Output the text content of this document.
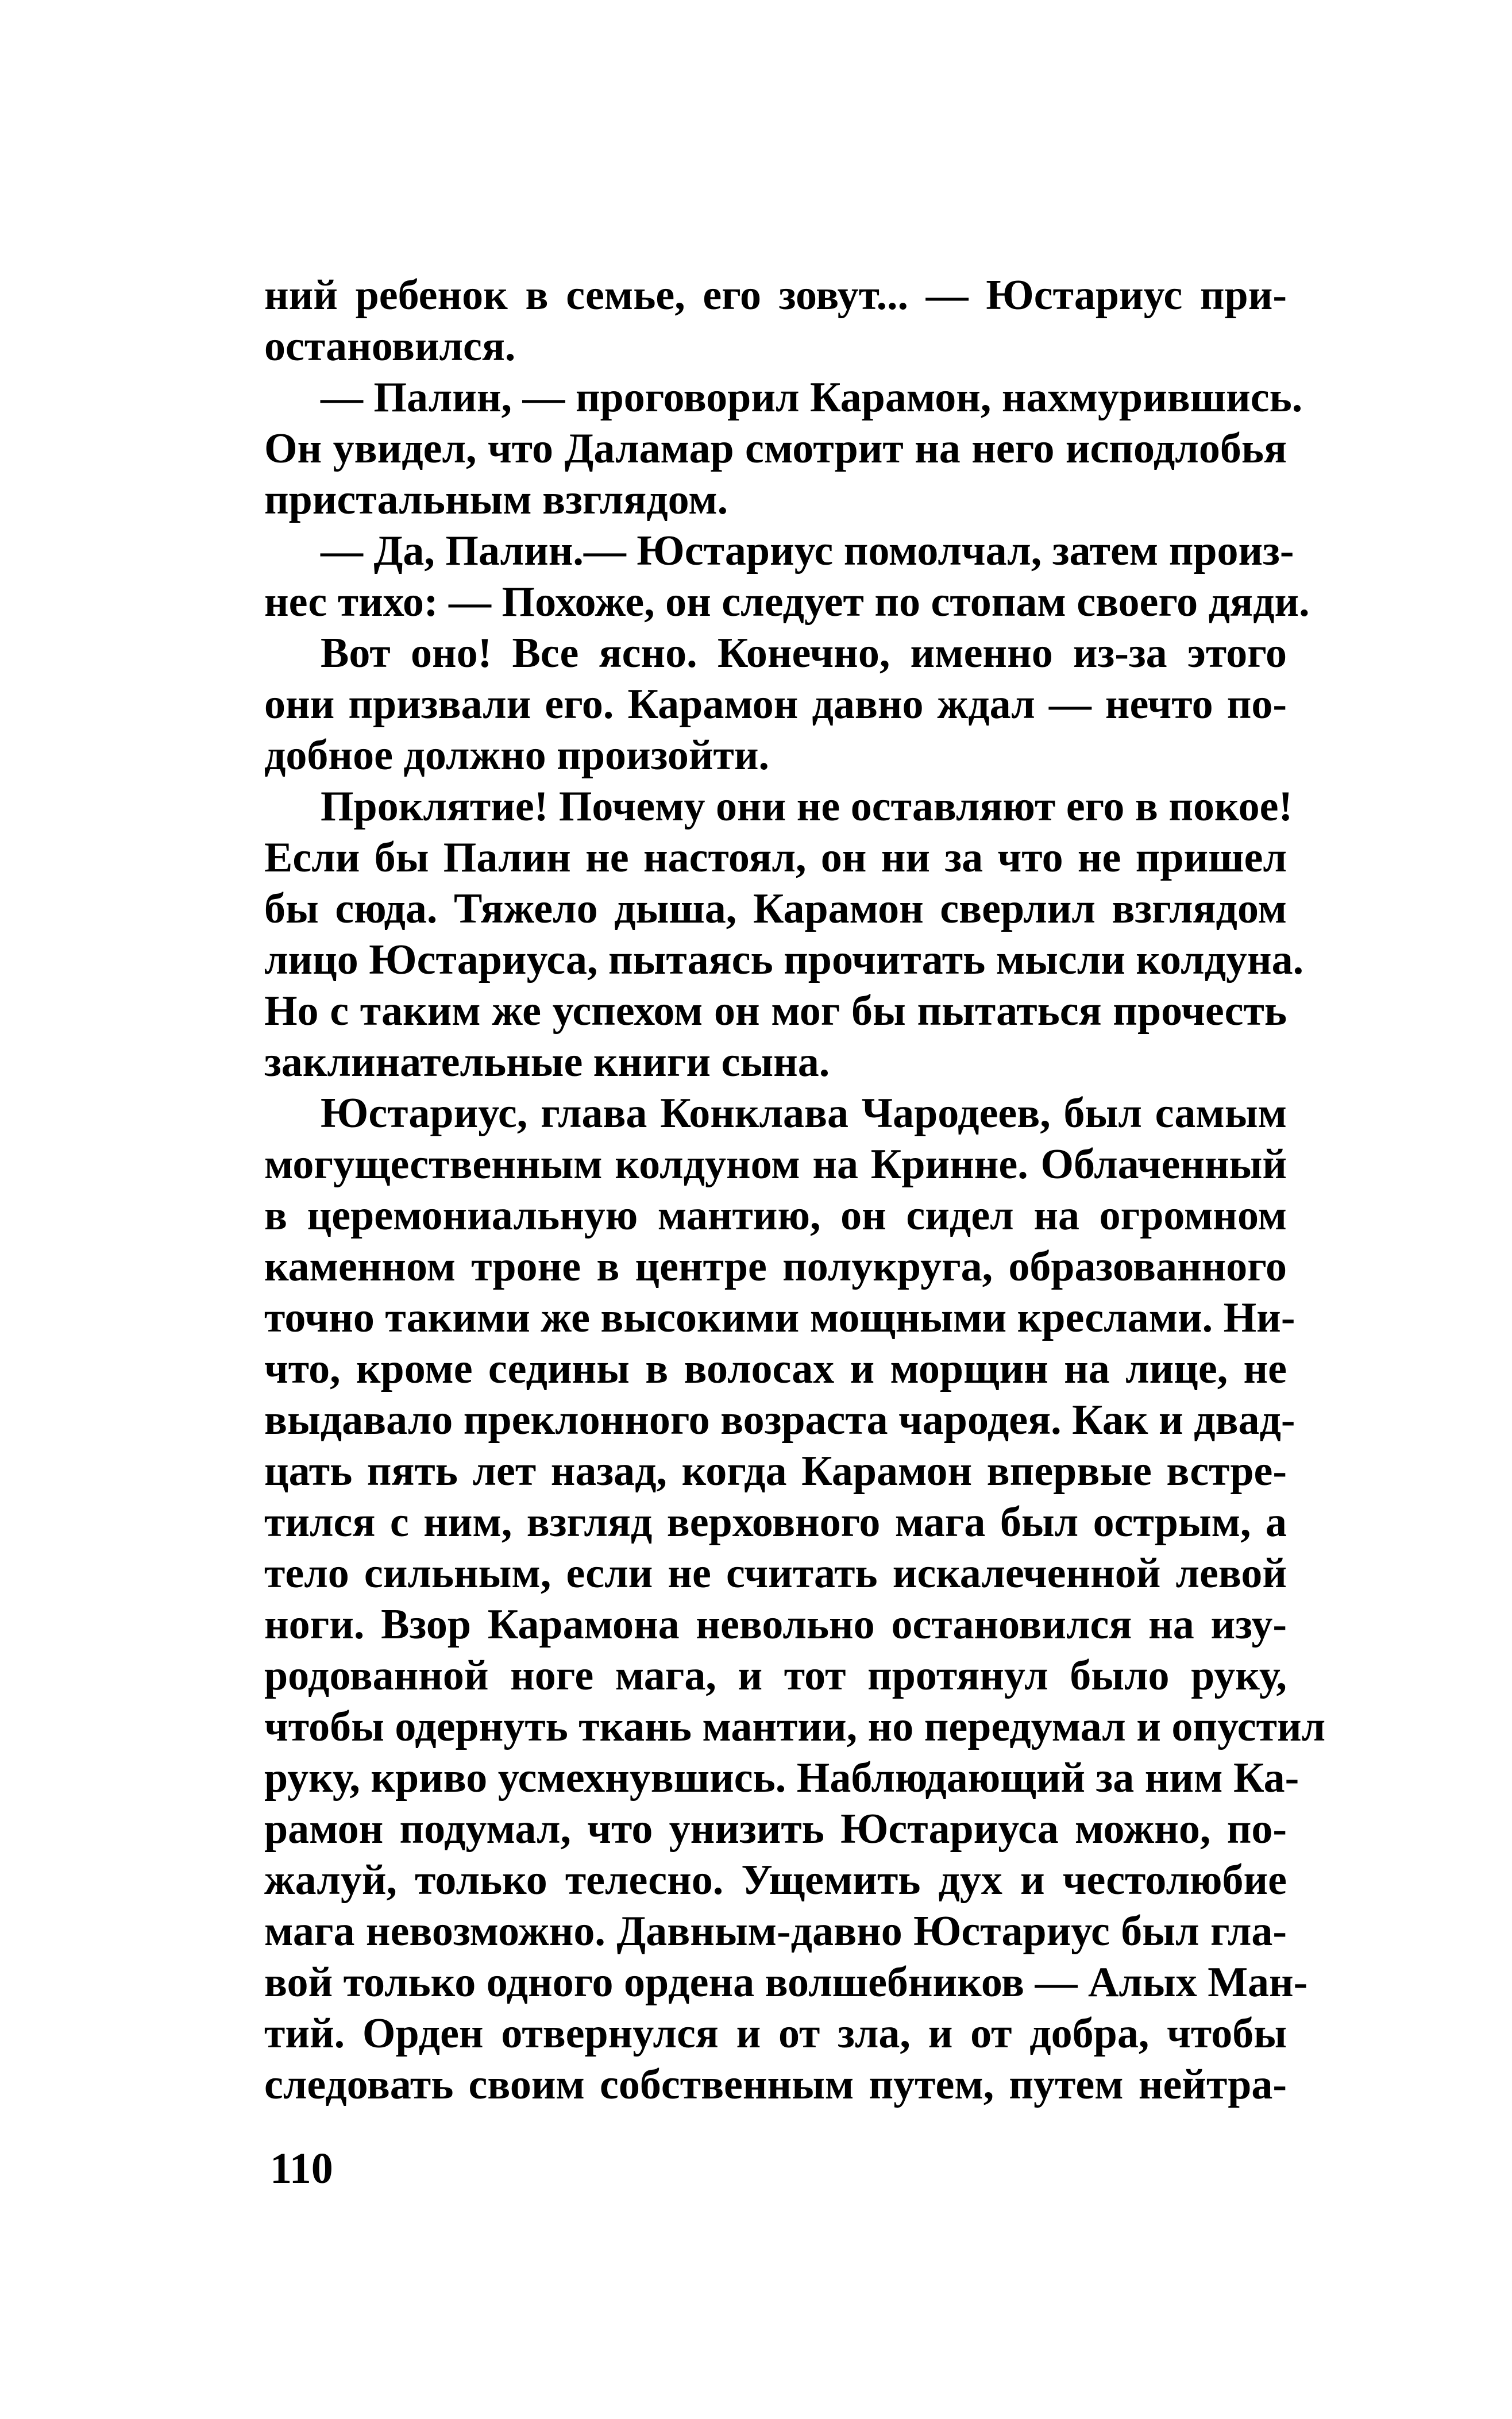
ний ребенок в семье, его зовут... — Юстариус при-
остановился.
— Палин, — проговорил Карамон, нахмурившись.
Он увидел, что Даламар смотрит на него исподлобья
пристальным взглядом.
— Да, Палин.— Юстариус помолчал, затем произ-
нес тихо: — Похоже, он следует по стопам своего дяди.
Вот оно! Все ясно. Конечно, именно из-за этого
они призвали его. Карамон давно ждал — нечто по-
добное должно произойти.
Проклятие! Почему они не оставляют его в покое!
Если бы Палин не настоял, он ни за что не пришел
бы сюда. Тяжело дыша, Карамон сверлил взглядом
лицо Юстариуса, пытаясь прочитать мысли колдуна.
Но с таким же успехом он мог бы пытаться прочесть
заклинательные книги сына.
Юстариус, глава Конклава Чародеев, был самым
могущественным колдуном на Кринне. Облаченный
в церемониальную мантию, он сидел на огромном
каменном троне в центре полукруга, образованного
точно такими же высокими мощными креслами. Ни-
что, кроме седины в волосах и морщин на лице, не
выдавало преклонного возраста чародея. Как и двад-
цать пять лет назад, когда Карамон впервые встре-
тился с ним, взгляд верховного мага был острым, а
тело сильным, если не считать искалеченной левой
ноги. Взор Карамона невольно остановился на изу-
родованной ноге мага, и тот протянул было руку,
чтобы одернуть ткань мантии, но передумал и опустил
руку, криво усмехнувшись. Наблюдающий за ним Ка-
рамон подумал, что унизить Юстариуса можно, по-
жалуй, только телесно. Ущемить дух и честолюбие
мага невозможно. Давным-давно Юстариус был гла-
вой только одного ордена волшебников — Алых Ман-
тий. Орден отвернулся и от зла, и от добра, чтобы
следовать своим собственным путем, путем нейтра-
110
